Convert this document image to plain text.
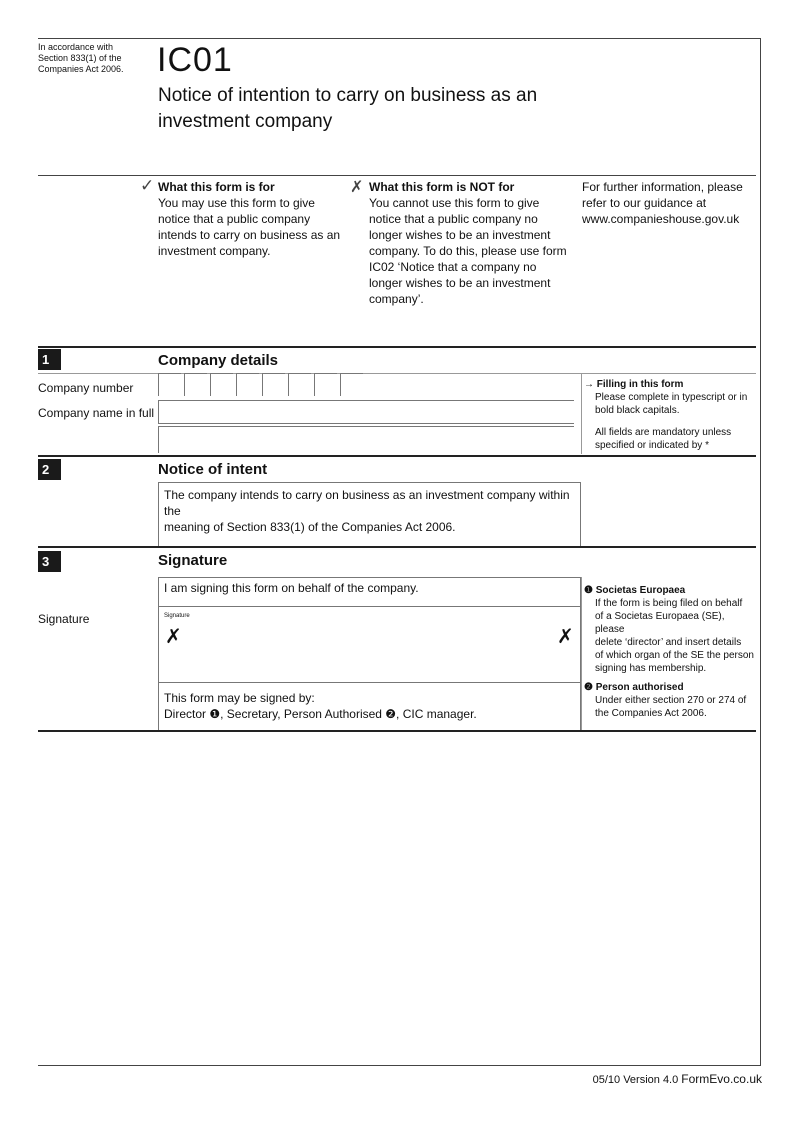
In accordance with
Section 833(1) of the
Companies Act 2006. IC01
Notice of intention to carry on business as an
investment company
✓ What this form is for
You may use this form to give
notice that a public company
intends to carry on business as an
investment company.
✗ What this form is NOT for
You cannot use this form to give
notice that a public company no
longer wishes to be an investment
company. To do this, please use form
IC02 ‘Notice that a company no
longer wishes to be an investment
company’.
For further information, please
refer to our guidance at
www.companieshouse.gov.uk
1	Company details
Company number
Company name in full
→ Filling in this form
Please complete in typescript or in
bold black capitals.
All fields are mandatory unless
specified or indicated by *
2	Notice of intent
The company intends to carry on business as an investment company within the
meaning of Section 833(1) of the Companies Act 2006.
3	Signature
I am signing this form on behalf of the company.
Signature	Signature
✗	✗
This form may be signed by:
Director ❶, Secretary, Person Authorised ❷, CIC manager.
❶ Societas Europaea
If the form is being filed on behalf
of a Societas Europaea (SE), please
delete ‘director’ and insert details
of which organ of the SE the person
signing has membership.
❷ Person authorised
Under either section 270 or 274 of
the Companies Act 2006.
05/10 Version 4.0 FormEvo.co.uk
